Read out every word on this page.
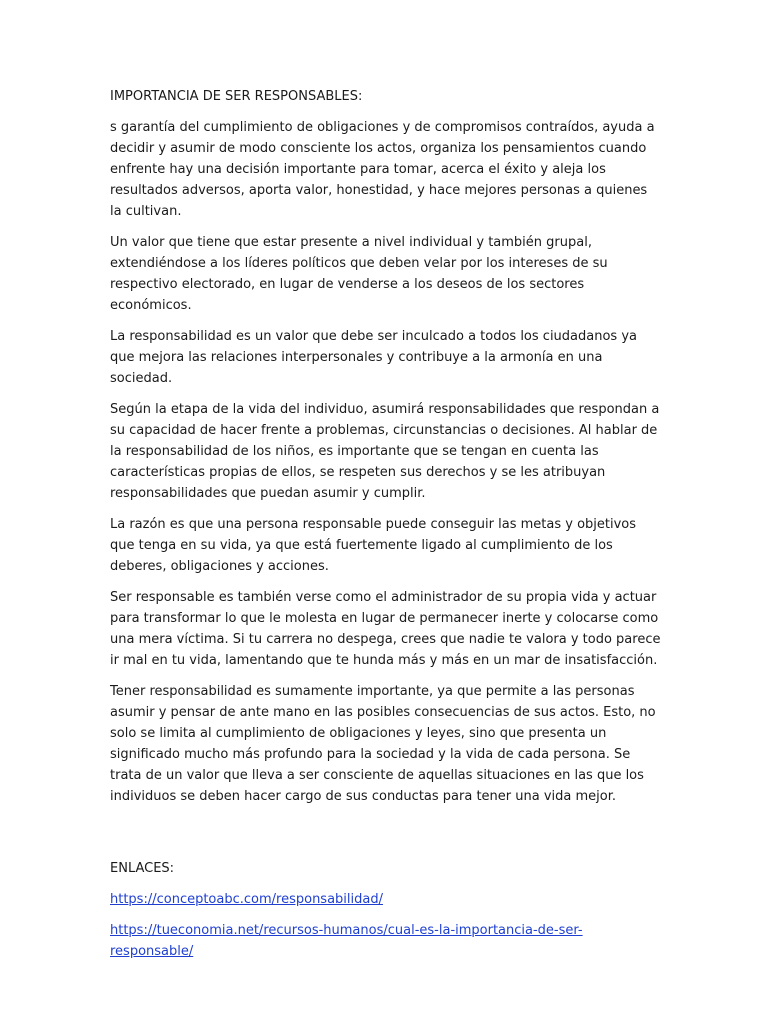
IMPORTANCIA DE SER RESPONSABLES:

s garantía del cumplimiento de obligaciones y de compromisos contraídos, ayuda a decidir y asumir de modo consciente los actos, organiza los pensamientos cuando enfrente hay una decisión importante para tomar, acerca el éxito y aleja los resultados adversos, aporta valor, honestidad, y hace mejores personas a quienes la cultivan.

Un valor que tiene que estar presente a nivel individual y también grupal, extendiéndose a los líderes políticos que deben velar por los intereses de su respectivo electorado, en lugar de venderse a los deseos de los sectores económicos.

La responsabilidad es un valor que debe ser inculcado a todos los ciudadanos ya que mejora las relaciones interpersonales y contribuye a la armonía en una sociedad.

Según la etapa de la vida del individuo, asumirá responsabilidades que respondan a su capacidad de hacer frente a problemas, circunstancias o decisiones. Al hablar de la responsabilidad de los niños, es importante que se tengan en cuenta las características propias de ellos, se respeten sus derechos y se les atribuyan responsabilidades que puedan asumir y cumplir.

La razón es que una persona responsable puede conseguir las metas y objetivos que tenga en su vida, ya que está fuertemente ligado al cumplimiento de los deberes, obligaciones y acciones.

Ser responsable es también verse como el administrador de su propia vida y actuar para transformar lo que le molesta en lugar de permanecer inerte y colocarse como una mera víctima. Si tu carrera no despega, crees que nadie te valora y todo parece ir mal en tu vida, lamentando que te hunda más y más en un mar de insatisfacción.

Tener responsabilidad es sumamente importante, ya que permite a las personas asumir y pensar de ante mano en las posibles consecuencias de sus actos. Esto, no solo se limita al cumplimiento de obligaciones y leyes, sino que presenta un significado mucho más profundo para la sociedad y la vida de cada persona. Se trata de un valor que lleva a ser consciente de aquellas situaciones en las que los individuos se deben hacer cargo de sus conductas para tener una vida mejor.

ENLACES:

https://conceptoabc.com/responsabilidad/
https://tueconomia.net/recursos-humanos/cual-es-la-importancia-de-ser-responsable/
